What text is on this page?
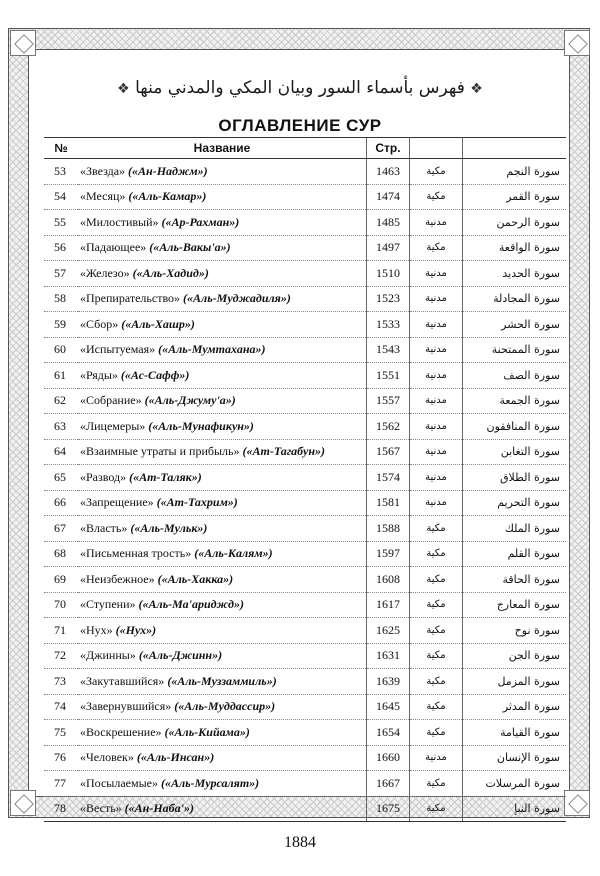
❖ فهرس بأسماء السور وبيان المكي والمدني منها ❖
ОГЛАВЛЕНИЕ СУР
№	Название	Стр.		
53	«Звезда» («Ан-Наджм»)	1463	مكية	سورة النجم
54	«Месяц» («Аль-Камар»)	1474	مكية	سورة القمر
55	«Милостивый» («Ар-Рахман»)	1485	مدنية	سورة الرحمن
56	«Падающее» («Аль-Вакы'а»)	1497	مكية	سورة الواقعة
57	«Железо» («Аль-Хадид»)	1510	مدنية	سورة الحديد
58	«Препирательство» («Аль-Муджадиля»)	1523	مدنية	سورة المجادلة
59	«Сбор» («Аль-Хашр»)	1533	مدنية	سورة الحشر
60	«Испытуемая» («Аль-Мумтахана»)	1543	مدنية	سورة الممتحنة
61	«Ряды» («Ас-Сафф»)	1551	مدنية	سورة الصف
62	«Собрание» («Аль-Джуму'а»)	1557	مدنية	سورة الجمعة
63	«Лицемеры» («Аль-Мунафикун»)	1562	مدنية	سورة المنافقون
64	«Взаимные утраты и прибыль» («Ат-Тагабун»)	1567	مدنية	سورة التغابن
65	«Развод» («Ат-Таляк»)	1574	مدنية	سورة الطلاق
66	«Запрещение» («Ат-Тахрим»)	1581	مدنية	سورة التحريم
67	«Власть» («Аль-Мульк»)	1588	مكية	سورة الملك
68	«Письменная трость» («Аль-Калям»)	1597	مكية	سورة القلم
69	«Неизбежное» («Аль-Хакка»)	1608	مكية	سورة الحاقة
70	«Ступени» («Аль-Ма'ариджд»)	1617	مكية	سورة المعارج
71	«Нух» («Нух»)	1625	مكية	سورة نوح
72	«Джинны» («Аль-Джинн»)	1631	مكية	سورة الجن
73	«Закутавшийся» («Аль-Муззаммиль»)	1639	مكية	سورة المزمل
74	«Завернувшийся» («Аль-Муддассир»)	1645	مكية	سورة المدثر
75	«Воскрешение» («Аль-Кийама»)	1654	مكية	سورة القيامة
76	«Человек» («Аль-Инсан»)	1660	مدنية	سورة الإنسان
77	«Посылаемые» («Аль-Мурсалят»)	1667	مكية	سورة المرسلات
78	«Весть» («Ан-Наба'»)	1675	مكية	سورة النبإ
1884
